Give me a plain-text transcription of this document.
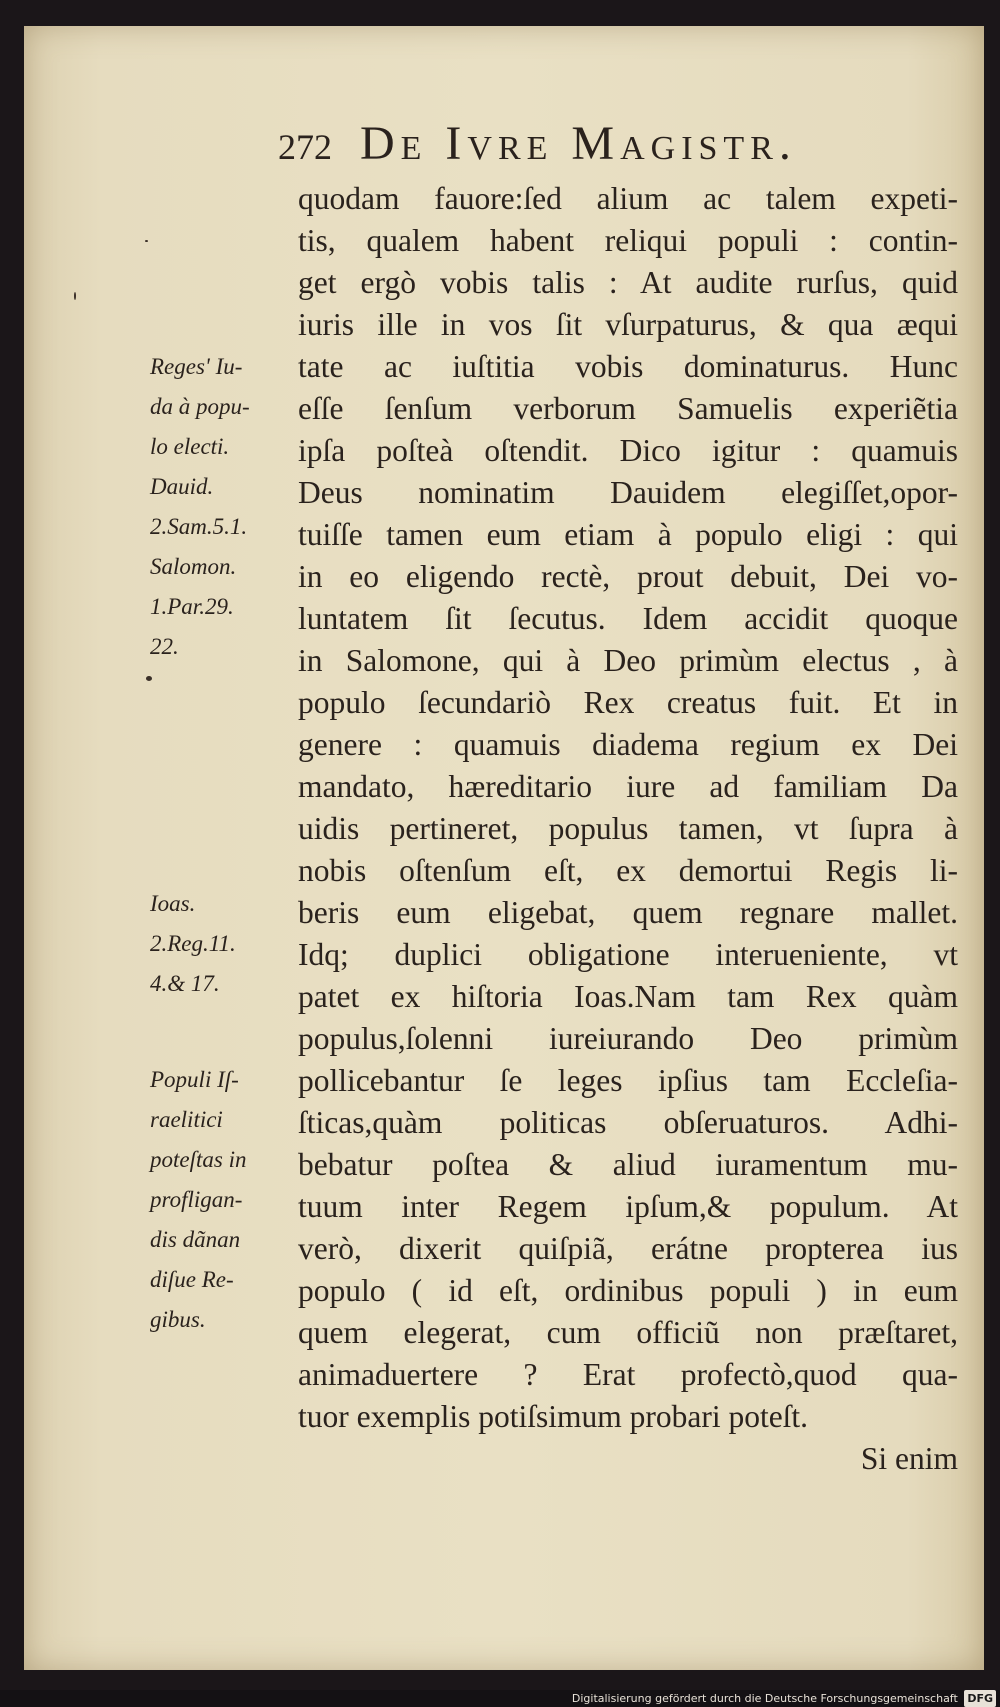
272 De Ivre Magistr.
quodam fauore:ſed alium ac talem expeti-
tis, qualem habent reliqui populi : contin-
get ergò vobis talis : At audite rurſus, quid
iuris ille in vos ſit vſurpaturus, & qua æqui
tate ac iuſtitia vobis dominaturus. Hunc
eſſe ſenſum verborum Samuelis experiẽtia
ipſa poſteà oſtendit. Dico igitur : quamuis
Deus nominatim Dauidem elegiſſet,opor-
tuiſſe tamen eum etiam à populo eligi : qui
in eo eligendo rectè, prout debuit, Dei vo-
luntatem ſit ſecutus. Idem accidit quoque
in Salomone, qui à Deo primùm electus , à
populo ſecundariò Rex creatus fuit. Et in
genere : quamuis diadema regium ex Dei
mandato, hæreditario iure ad familiam Da
uidis pertineret, populus tamen, vt ſupra à
nobis oſtenſum eſt, ex demortui Regis li-
beris eum eligebat, quem regnare mallet.
Idq; duplici obligatione interueniente, vt
patet ex hiſtoria Ioas.Nam tam Rex quàm
populus,ſolenni iureiurando Deo primùm
pollicebantur ſe leges ipſius tam Eccleſia-
ſticas,quàm politicas obſeruaturos. Adhi-
bebatur poſtea & aliud iuramentum mu-
tuum inter Regem ipſum,& populum. At
verò, dixerit quiſpiã, erátne propterea ius
populo ( id eſt, ordinibus populi ) in eum
quem elegerat, cum officiũ non præſtaret,
animaduertere ? Erat profectò,quod qua-
tuor exemplis potiſsimum probari poteſt.
Si enim
Reges' Iu-
da à popu-
lo electi.
Dauid.
2.Sam.5.1.
Salomon.
1.Par.29.
22.
Ioas.
2.Reg.11.
4.& 17.
Populi Iſ-
raelitici
poteſtas in
profligan-
dis dãnan
diſue Re-
gibus.
Digitalisierung gefördert durch die Deutsche Forschungsgemeinschaft DFG
